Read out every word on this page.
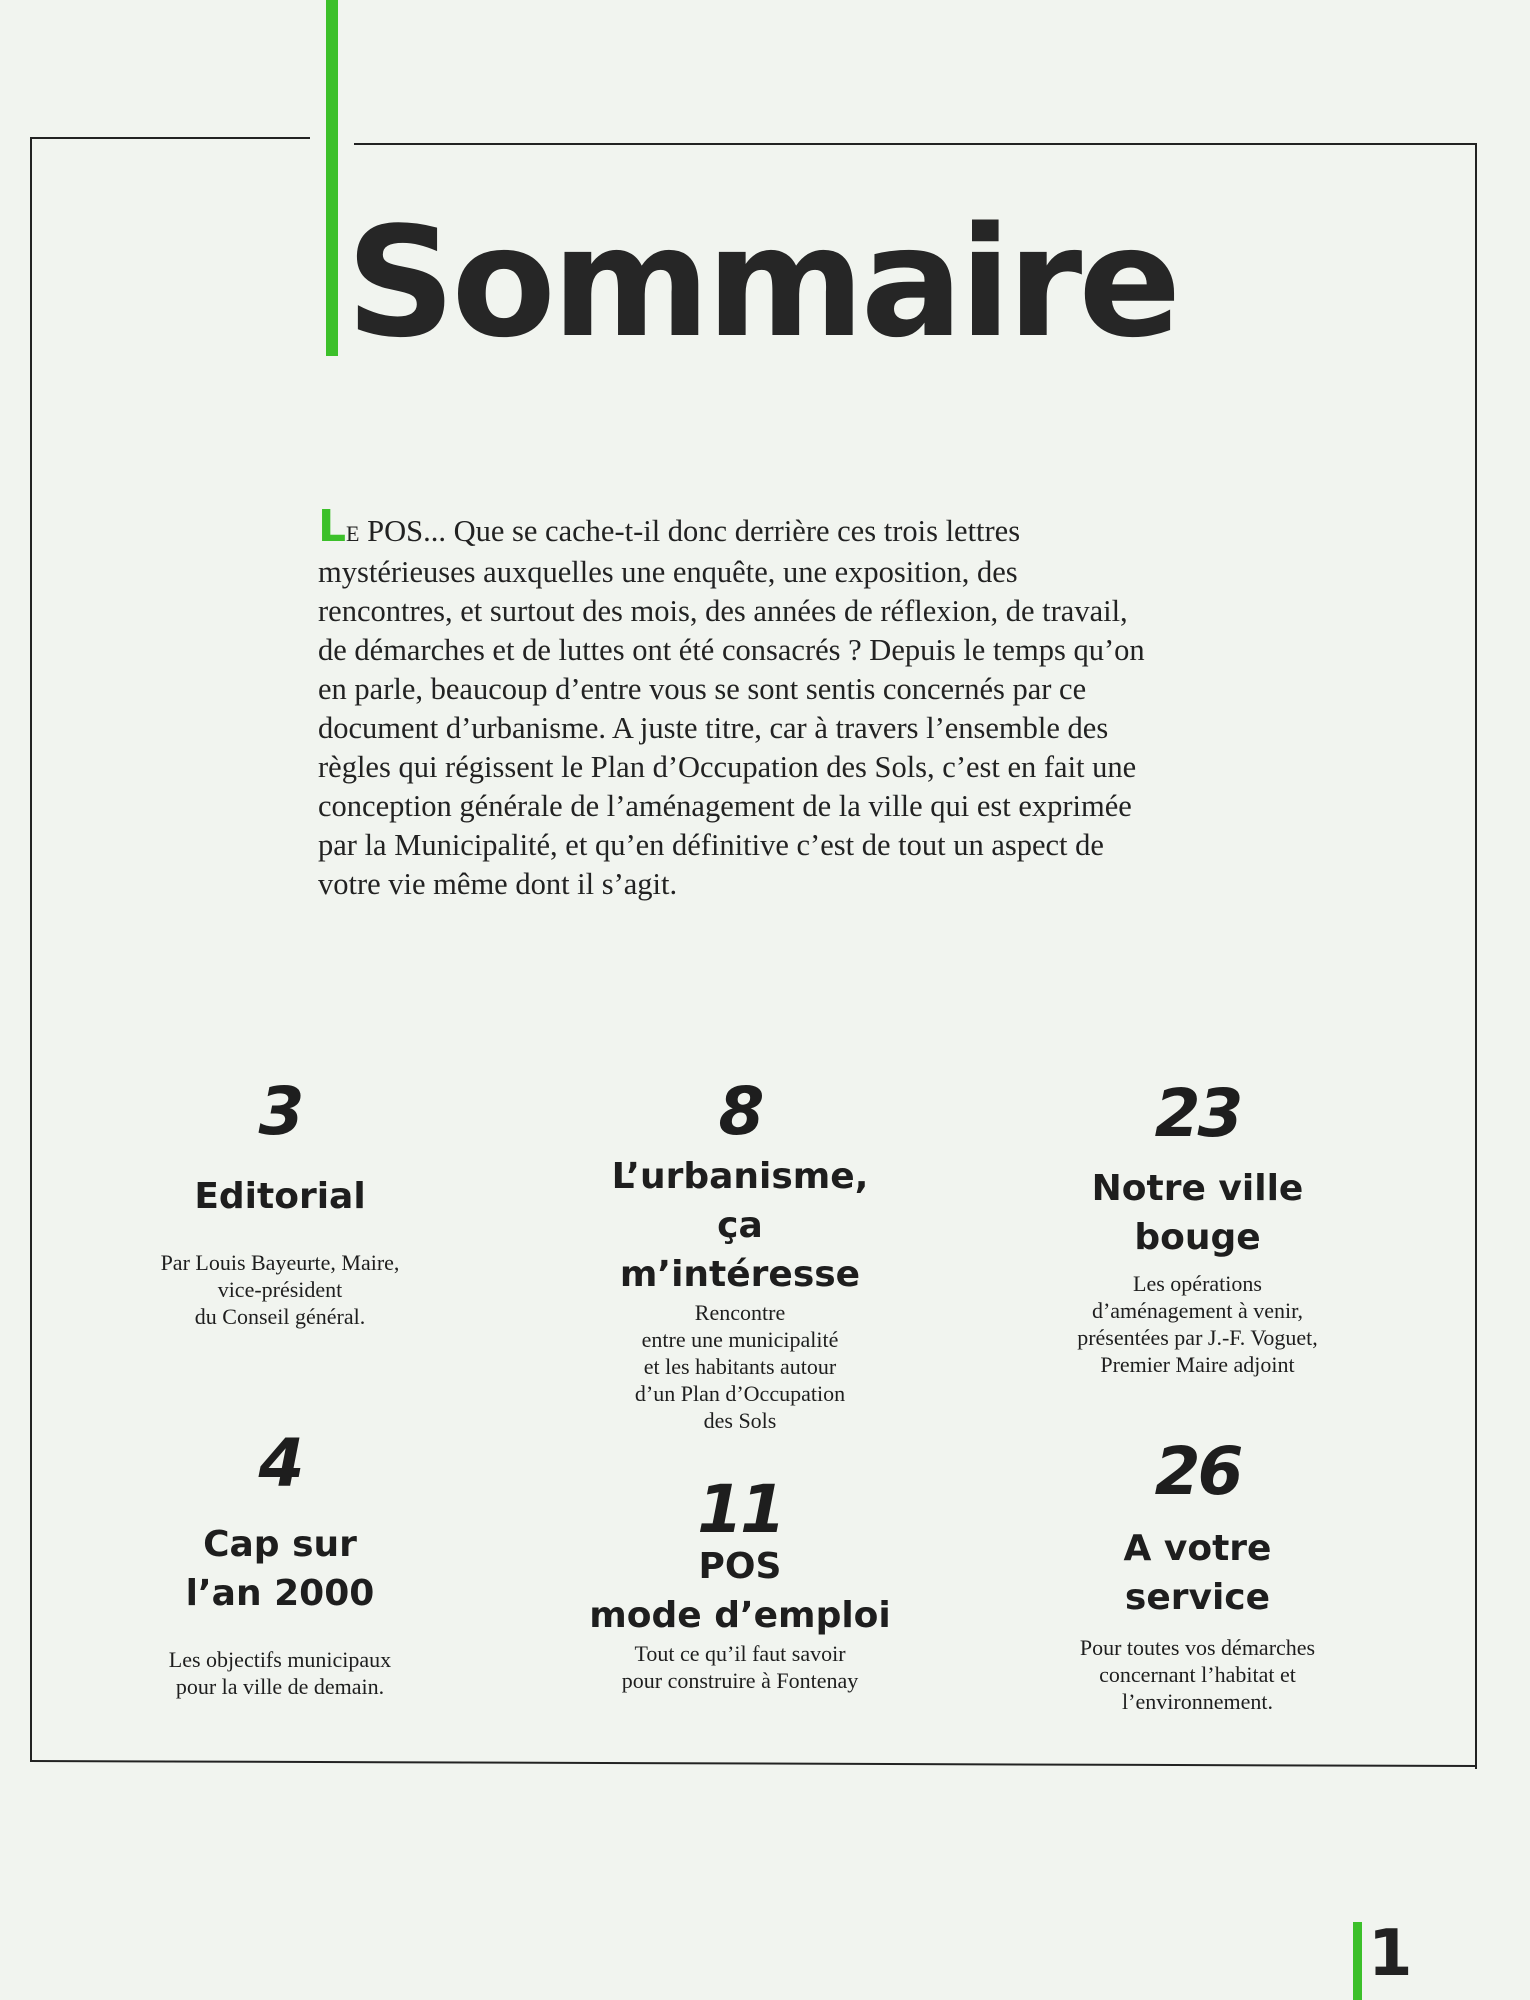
Sommaire
LE POS... Que se cache-t-il donc derrière ces trois lettres mystérieuses auxquelles une enquête, une exposition, des rencontres, et surtout des mois, des années de réflexion, de travail, de démarches et de luttes ont été consacrés ? Depuis le temps qu’on en parle, beaucoup d’entre vous se sont sentis concernés par ce document d’urbanisme. A juste titre, car à travers l’ensemble des règles qui régissent le Plan d’Occupation des Sols, c’est en fait une conception générale de l’aménagement de la ville qui est exprimée par la Municipalité, et qu’en définitive c’est de tout un aspect de votre vie même dont il s’agit.
3
Editorial
Par Louis Bayeurte, Maire,
vice-président
du Conseil général.
8
L’urbanisme,
ça
m’intéresse
Rencontre
entre une municipalité
et les habitants autour
d’un Plan d’Occupation
des Sols
23
Notre ville
bouge
Les opérations
d’aménagement à venir,
présentées par J.-F. Voguet,
Premier Maire adjoint
4
Cap sur
l’an 2000
Les objectifs municipaux
pour la ville de demain.
11
POS
mode d’emploi
Tout ce qu’il faut savoir
pour construire à Fontenay
26
A votre
service
Pour toutes vos démarches
concernant l’habitat et
l’environnement.
1
